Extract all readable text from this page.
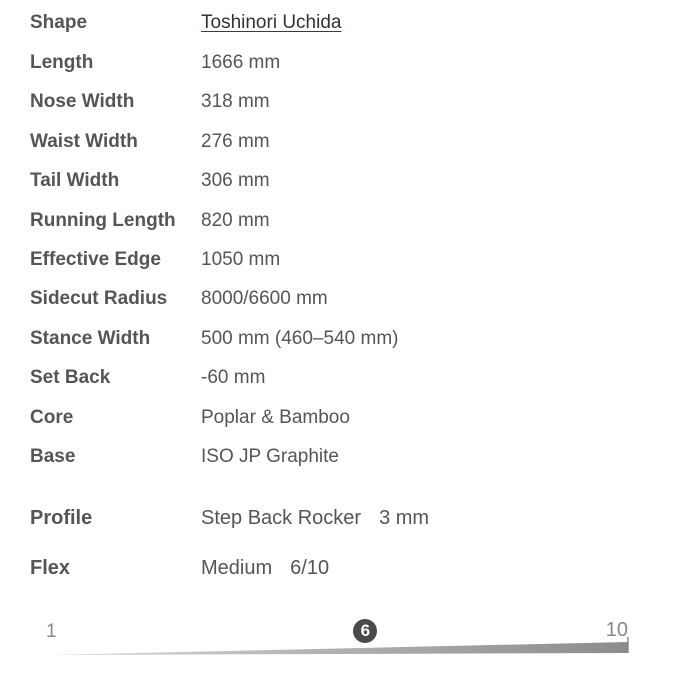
Shape	Toshinori Uchida
Length	1666 mm
Nose Width	318 mm
Waist Width	276 mm
Tail Width	306 mm
Running Length 820 mm
Effective Edge 1050 mm
Sidecut Radius 8000/6600 mm
Stance Width	500 mm (460–540 mm)
Set Back	-60 mm
Core	Poplar & Bamboo
Base	ISO JP Graphite
Profile	Step Back Rocker 3 mm
Flex	Medium 6/10
1	10
6
